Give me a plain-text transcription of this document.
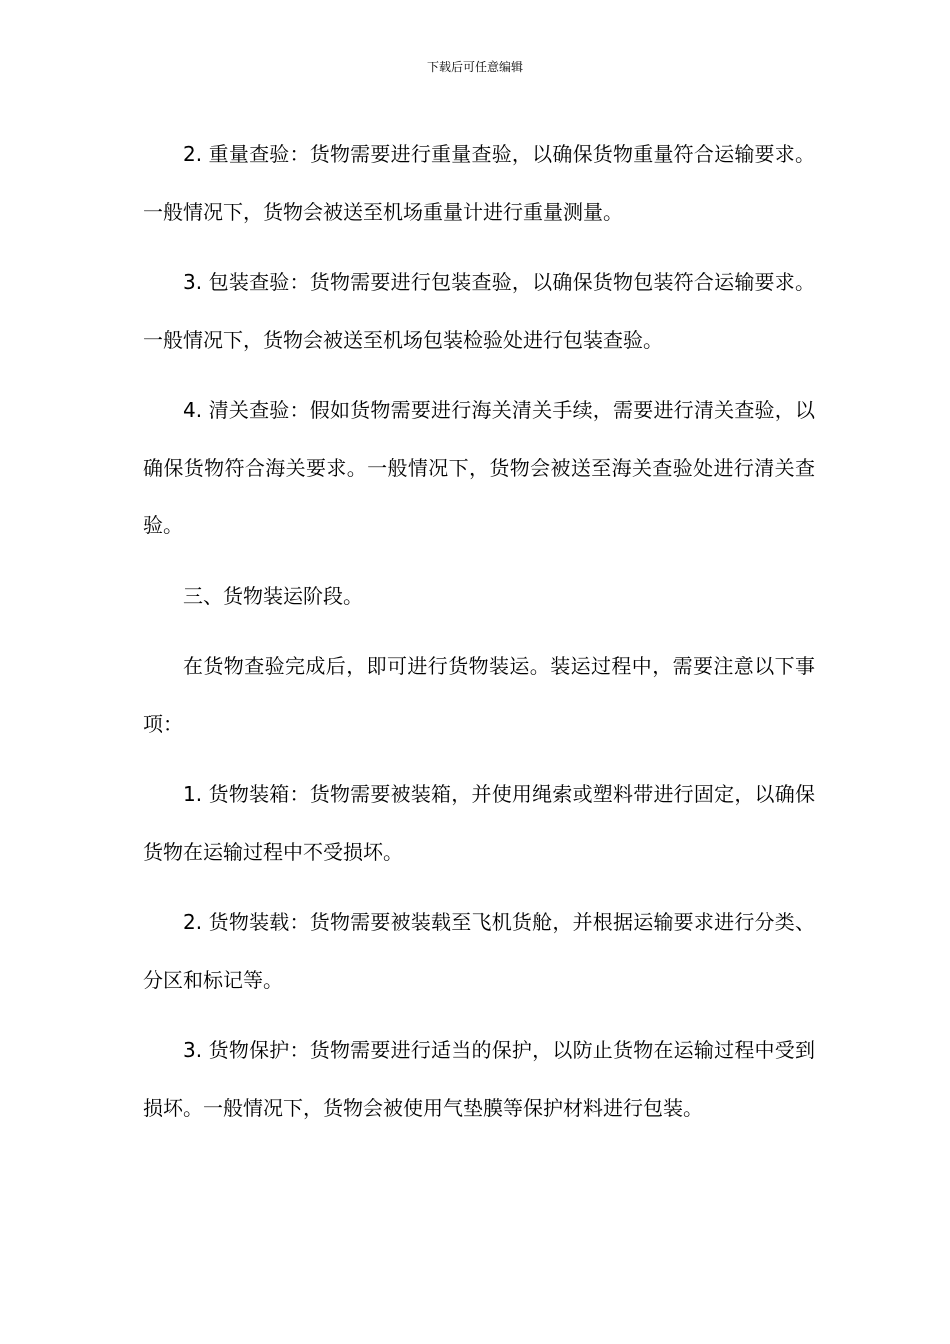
下载后可任意编辑

2. 重量查验：货物需要进行重量查验，以确保货物重量符合运输要求。一般情况下，货物会被送至机场重量计进行重量测量。

3. 包装查验：货物需要进行包装查验，以确保货物包装符合运输要求。一般情况下，货物会被送至机场包装检验处进行包装查验。

4. 清关查验：假如货物需要进行海关清关手续，需要进行清关查验，以确保货物符合海关要求。一般情况下，货物会被送至海关查验处进行清关查验。

三、货物装运阶段。

在货物查验完成后，即可进行货物装运。装运过程中，需要注意以下事项：

1. 货物装箱：货物需要被装箱，并使用绳索或塑料带进行固定，以确保货物在运输过程中不受损坏。

2. 货物装载：货物需要被装载至飞机货舱，并根据运输要求进行分类、分区和标记等。

3. 货物保护：货物需要进行适当的保护，以防止货物在运输过程中受到损坏。一般情况下，货物会被使用气垫膜等保护材料进行包装。
